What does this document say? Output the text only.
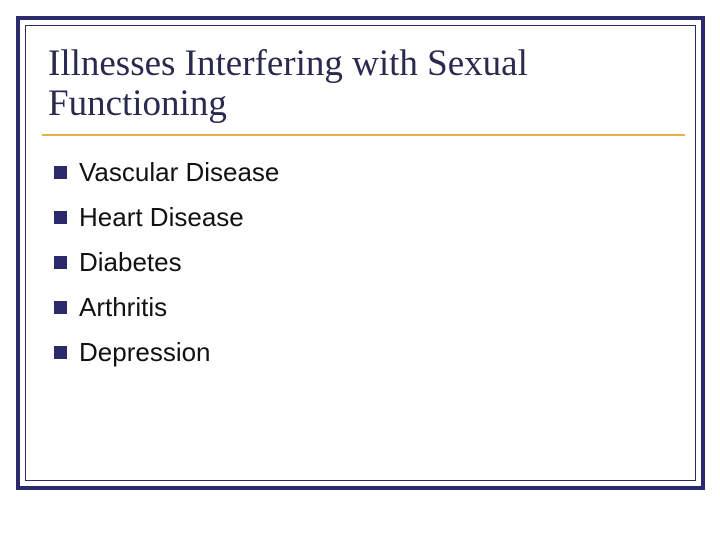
Illnesses Interfering with Sexual Functioning
Vascular Disease
Heart Disease
Diabetes
Arthritis
Depression
